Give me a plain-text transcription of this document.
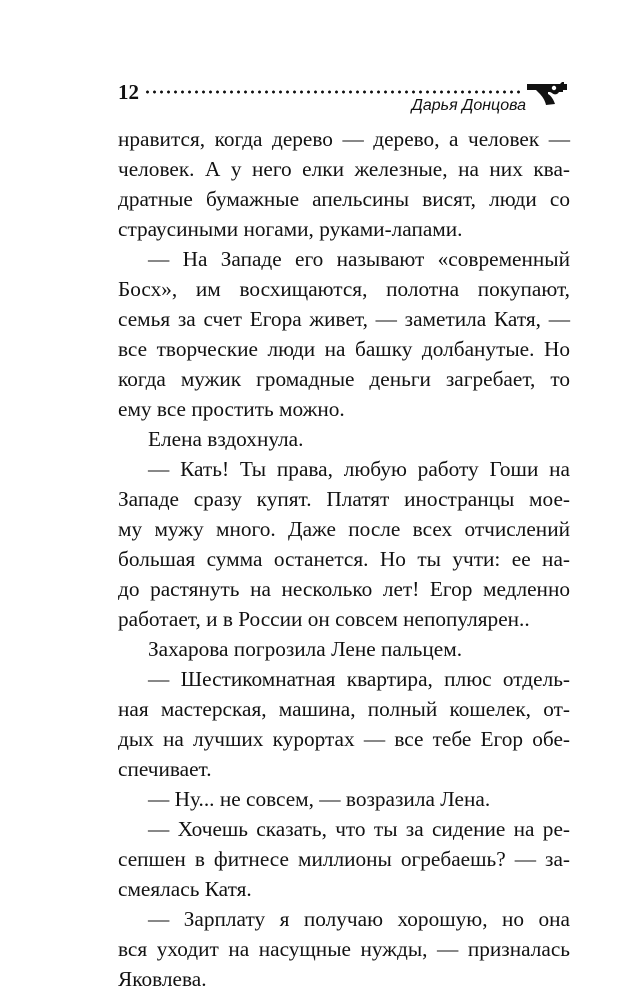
12
Дарья Донцова
нравится, когда дерево — дерево, а человек —
человек. А у него елки железные, на них ква-
дратные бумажные апельсины висят, люди со
страусиными ногами, руками-лапами.
— На Западе его называют «современный
Босх», им восхищаются, полотна покупают,
семья за счет Егора живет, — заметила Катя, —
все творческие люди на башку долбанутые. Но
когда мужик громадные деньги загребает, то
ему все простить можно.
Елена вздохнула.
— Кать! Ты права, любую работу Гоши на
Западе сразу купят. Платят иностранцы мое-
му мужу много. Даже после всех отчислений
большая сумма останется. Но ты учти: ее на-
до растянуть на несколько лет! Егор медленно
работает, и в России он совсем непопулярен..
Захарова погрозила Лене пальцем.
— Шестикомнатная квартира, плюс отдель-
ная мастерская, машина, полный кошелек, от-
дых на лучших курортах — все тебе Егор обе-
спечивает.
— Ну... не совсем, — возразила Лена.
— Хочешь сказать, что ты за сидение на ре-
сепшен в фитнесе миллионы огребаешь? — за-
смеялась Катя.
— Зарплату я получаю хорошую, но она
вся уходит на насущные нужды, — призналась
Яковлева.
